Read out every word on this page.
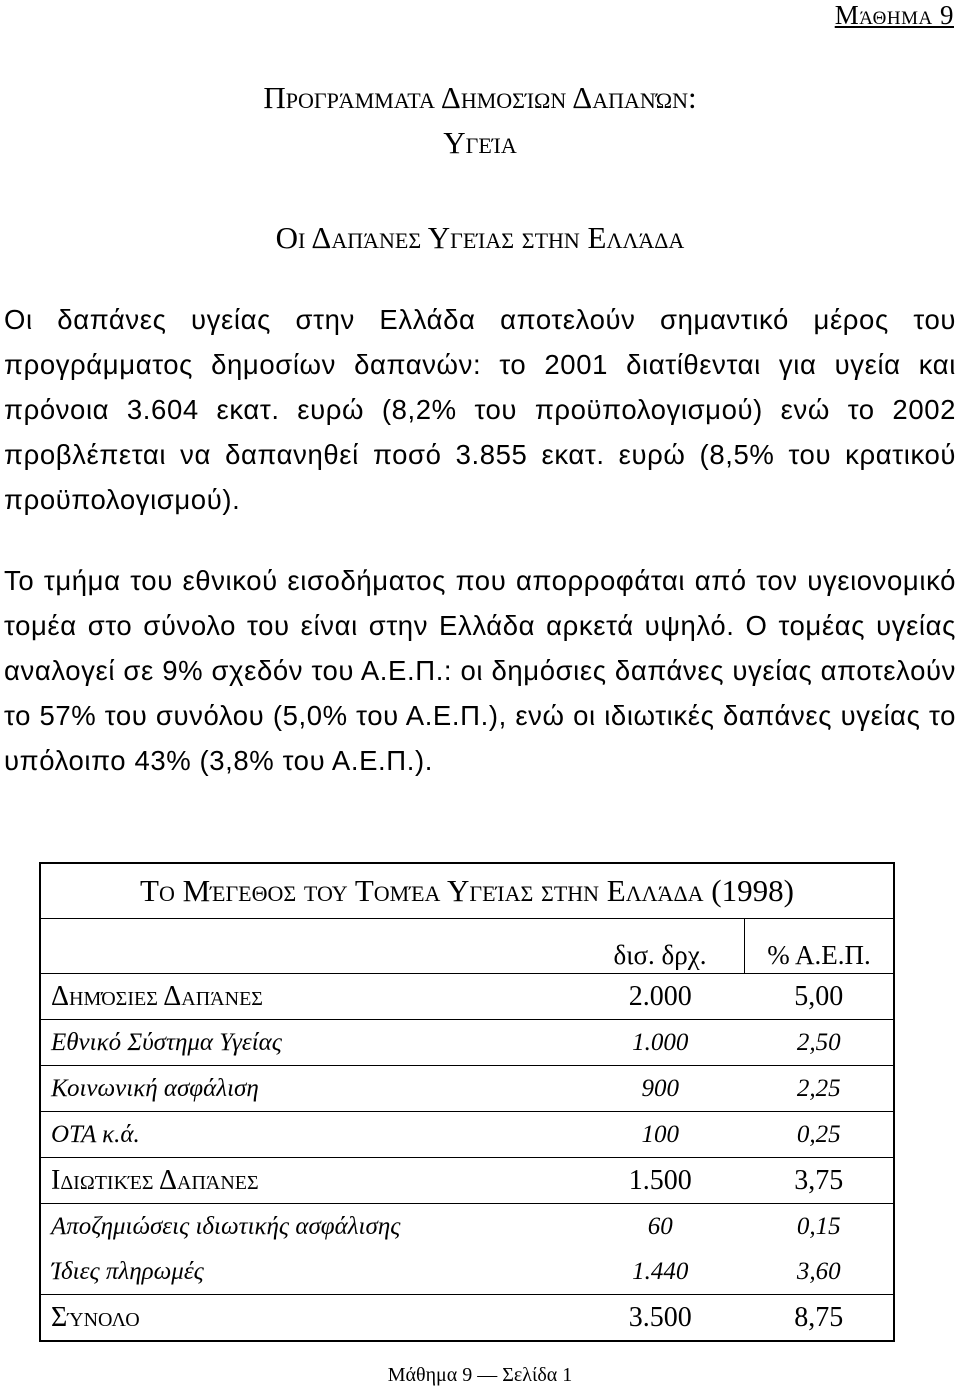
Μάθημα 9
Προγράμματα Δημοσίων Δαπανών:
Υγεία
Οι Δαπάνες Υγείας στην Ελλάδα

Οι δαπάνες υγείας στην Ελλάδα αποτελούν σημαντικό μέρος του προγράμματος δημοσίων δαπανών: το 2001 διατίθενται για υγεία και πρόνοια 3.604 εκατ. ευρώ (8,2% του προϋπολογισμού) ενώ το 2002 προβλέπεται να δαπανηθεί ποσό 3.855 εκατ. ευρώ (8,5% του κρατικού προϋπολογισμού).

Το τμήμα του εθνικού εισοδήματος που απορροφάται από τον υγειονομικό τομέα στο σύνολο του είναι στην Ελλάδα αρκετά υψηλό. Ο τομέας υγείας αναλογεί σε 9% σχεδόν του Α.Ε.Π.: οι δημόσιες δαπάνες υγείας αποτελούν το 57% του συνόλου (5,0% του Α.Ε.Π.), ενώ οι ιδιωτικές δαπάνες υγείας το υπόλοιπο 43% (3,8% του Α.Ε.Π.).

Το Μέγεθος του Τομέα Υγείας στην Ελλάδα (1998)		
	δισ. δρχ.	% Α.Ε.Π.
Δημόσιες Δαπάνες	2.000	5,00
Εθνικό Σύστημα Υγείας	1.000	2,50
Κοινωνική ασφάλιση	900	2,25
ΟΤΑ κ.ά.	100	0,25
Ιδιωτικές Δαπάνες	1.500	3,75
Αποζημιώσεις ιδιωτικής ασφάλισης	60	0,15
Ίδιες πληρωμές	1.440	3,60
Σύνολο	3.500	8,75
Μάθημα 9 — Σελίδα 1
